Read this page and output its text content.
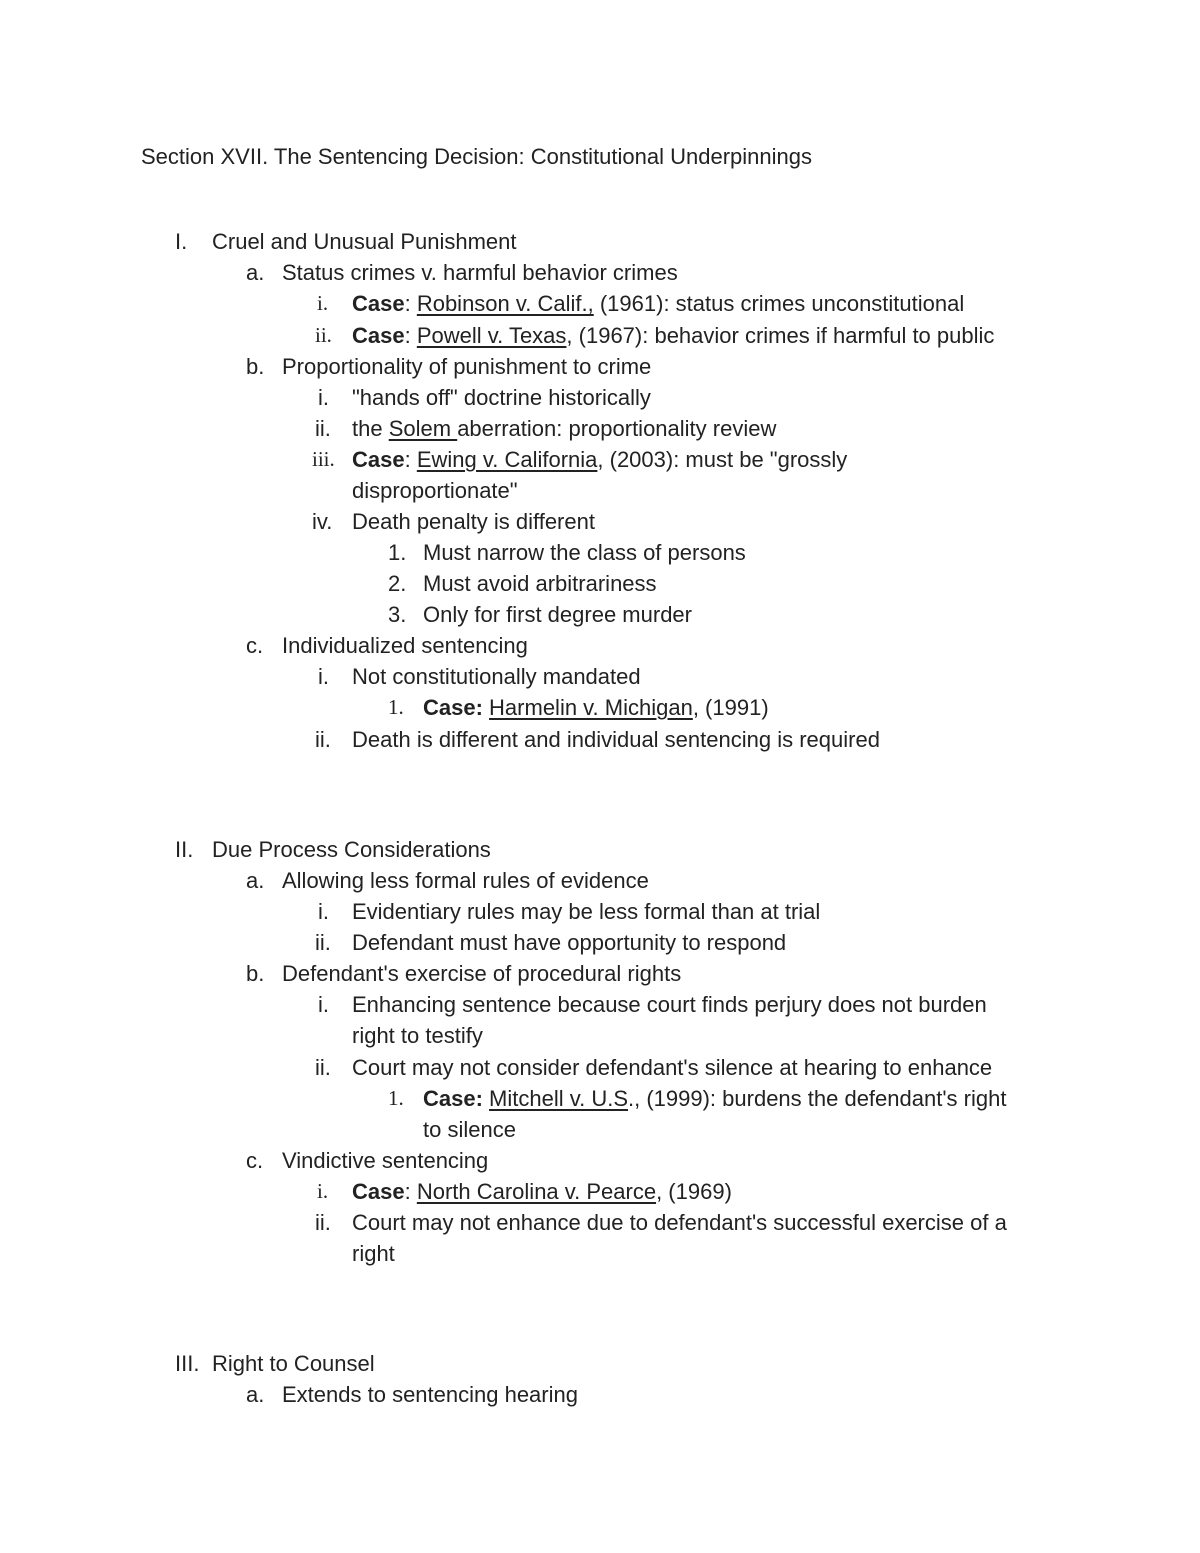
Section XVII. The Sentencing Decision: Constitutional Underpinnings
I. Cruel and Unusual Punishment
a. Status crimes v. harmful behavior crimes
i. Case: Robinson v. Calif., (1961): status crimes unconstitutional
ii. Case: Powell v. Texas, (1967): behavior crimes if harmful to public
b. Proportionality of punishment to crime
i. "hands off" doctrine historically
ii. the Solem aberration: proportionality review
iii. Case: Ewing v. California, (2003): must be "grossly
disproportionate"
iv. Death penalty is different
1. Must narrow the class of persons
2. Must avoid arbitrariness
3. Only for first degree murder
c. Individualized sentencing
i. Not constitutionally mandated
1. Case: Harmelin v. Michigan, (1991)
ii. Death is different and individual sentencing is required
II. Due Process Considerations
a. Allowing less formal rules of evidence
i. Evidentiary rules may be less formal than at trial
ii. Defendant must have opportunity to respond
b. Defendant's exercise of procedural rights
i. Enhancing sentence because court finds perjury does not burden
right to testify
ii. Court may not consider defendant's silence at hearing to enhance
1. Case: Mitchell v. U.S., (1999): burdens the defendant's right
to silence
c. Vindictive sentencing
i. Case: North Carolina v. Pearce, (1969)
ii. Court may not enhance due to defendant's successful exercise of a
right
III. Right to Counsel
a. Extends to sentencing hearing
